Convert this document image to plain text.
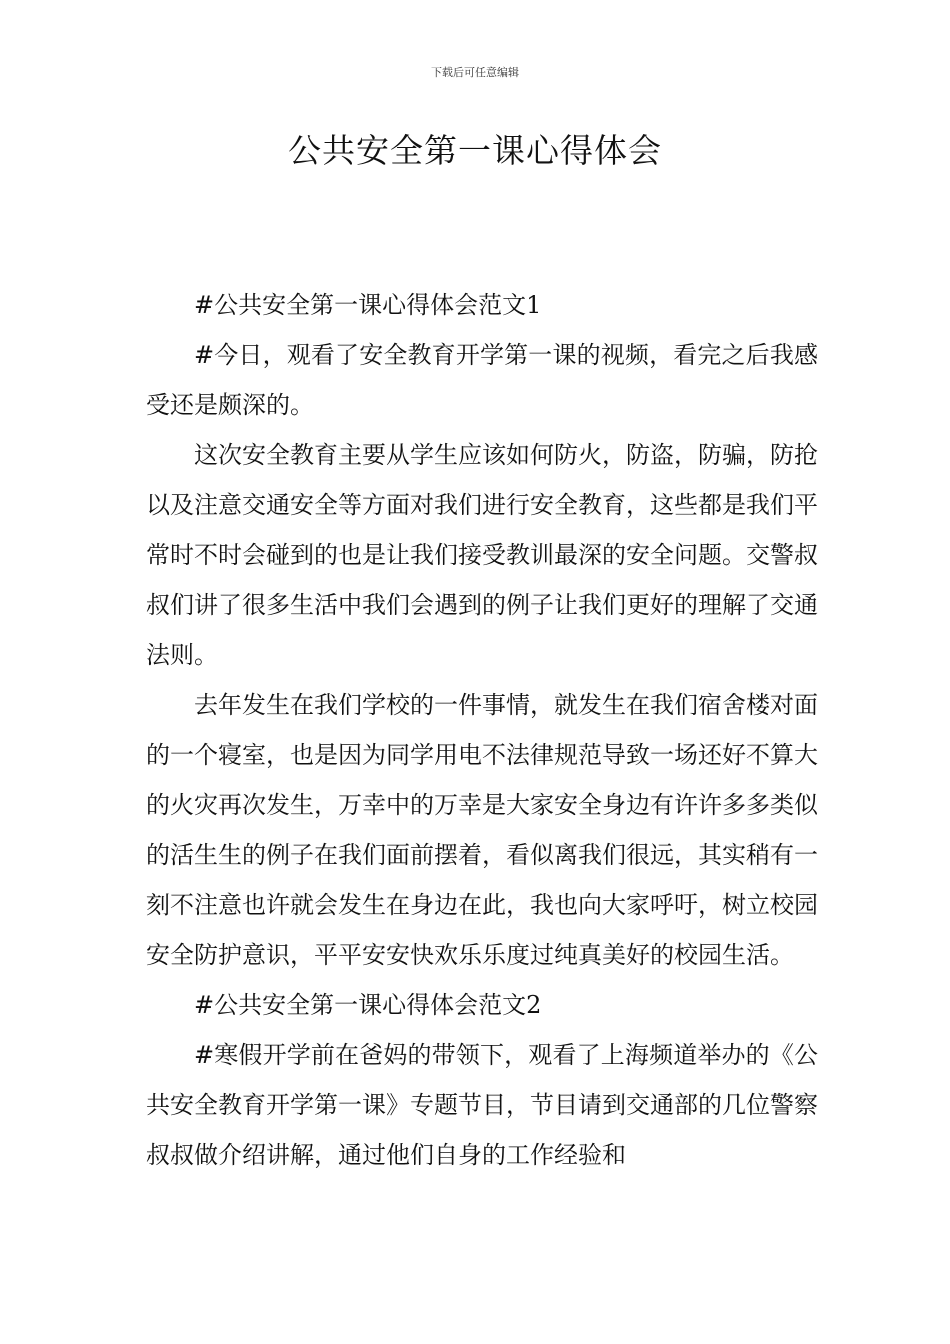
下载后可任意编辑
公共安全第一课心得体会

#公共安全第一课心得体会范文1

#今日，观看了安全教育开学第一课的视频，看完之后我感受还是颇深的。

这次安全教育主要从学生应该如何防火，防盗，防骗，防抢以及注意交通安全等方面对我们进行安全教育，这些都是我们平常时不时会碰到的也是让我们接受教训最深的安全问题。交警叔叔们讲了很多生活中我们会遇到的例子让我们更好的理解了交通法则。

去年发生在我们学校的一件事情，就发生在我们宿舍楼对面的一个寝室，也是因为同学用电不法律规范导致一场还好不算大的火灾再次发生，万幸中的万幸是大家安全身边有许许多多类似的活生生的例子在我们面前摆着，看似离我们很远，其实稍有一刻不注意也许就会发生在身边在此，我也向大家呼吁，树立校园安全防护意识，平平安安快欢乐乐度过纯真美好的校园生活。

#公共安全第一课心得体会范文2

#寒假开学前在爸妈的带领下，观看了上海频道举办的《公共安全教育开学第一课》专题节目，节目请到交通部的几位警察叔叔做介绍讲解，通过他们自身的工作经验和
